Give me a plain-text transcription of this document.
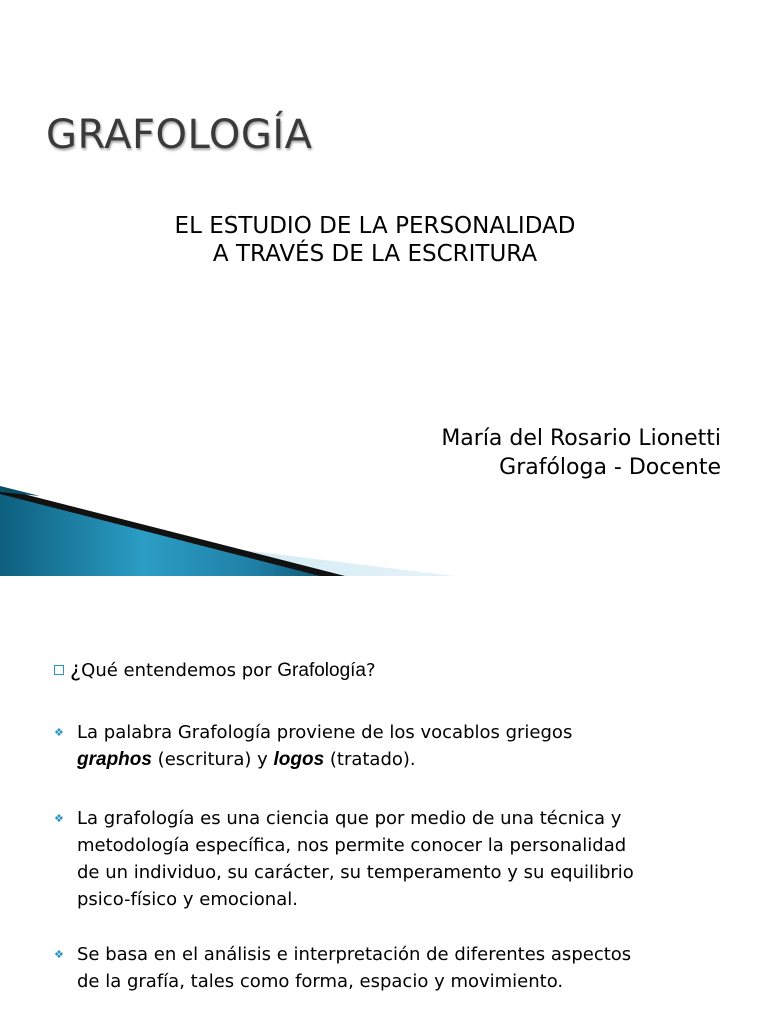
GRAFOLOGÍA
EL ESTUDIO DE LA PERSONALIDAD
A TRAVÉS DE LA ESCRITURA
María del Rosario Lionetti
Grafóloga - Docente
¿Qué entendemos por Grafología?
❖ La palabra Grafología proviene de los vocablos griegos
graphos (escritura) y logos (tratado).
❖ La grafología es una ciencia que por medio de una técnica y
metodología específica, nos permite conocer la personalidad
de un individuo, su carácter, su temperamento y su equilibrio
psico-físico y emocional.
❖ Se basa en el análisis e interpretación de diferentes aspectos
de la grafía, tales como forma, espacio y movimiento.
